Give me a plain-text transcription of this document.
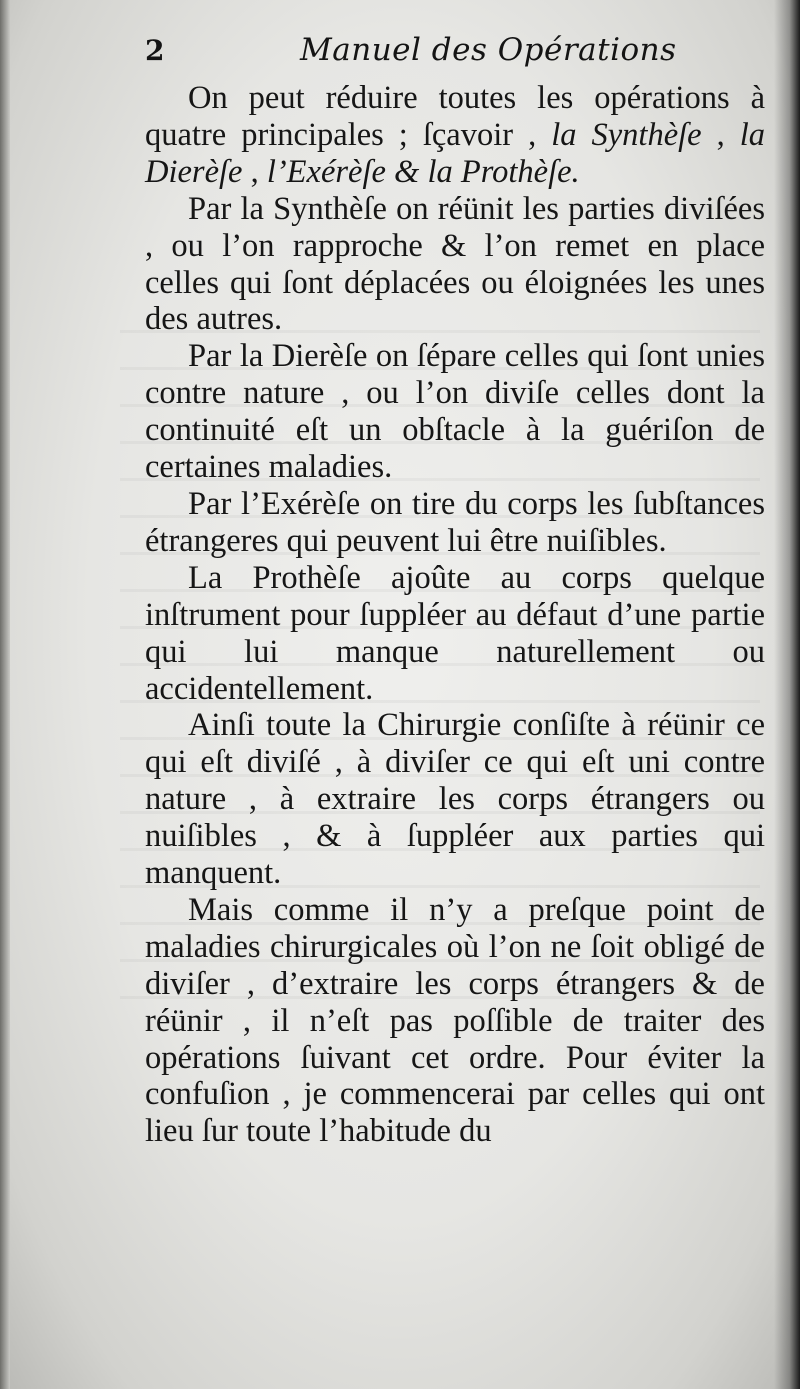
2	Manuel des Opérations

On peut réduire toutes les opérations à quatre principales ; ſçavoir , la Synthèſe , la Dierèſe , l’Exérèſe & la Prothèſe.

Par la Synthèſe on réünit les parties diviſées , ou l’on rapproche & l’on remet en place celles qui ſont déplacées ou éloignées les unes des autres.

Par la Dierèſe on ſépare celles qui ſont unies contre nature , ou l’on diviſe celles dont la continuité eſt un obſtacle à la guériſon de certaines maladies.

Par l’Exérèſe on tire du corps les ſubſtances étrangeres qui peuvent lui être nuiſibles.

La Prothèſe ajoûte au corps quelque inſtrument pour ſuppléer au défaut d’une partie qui lui manque naturellement ou accidentellement.

Ainſi toute la Chirurgie conſiſte à réünir ce qui eſt diviſé , à diviſer ce qui eſt uni contre nature , à extraire les corps étrangers ou nuiſibles , & à ſuppléer aux parties qui manquent.

Mais comme il n’y a preſque point de maladies chirurgicales où l’on ne ſoit obligé de diviſer , d’extraire les corps étrangers & de réünir , il n’eſt pas poſſible de traiter des opérations ſuivant cet ordre. Pour éviter la confuſion , je commencerai par celles qui ont lieu ſur toute l’habitude du
